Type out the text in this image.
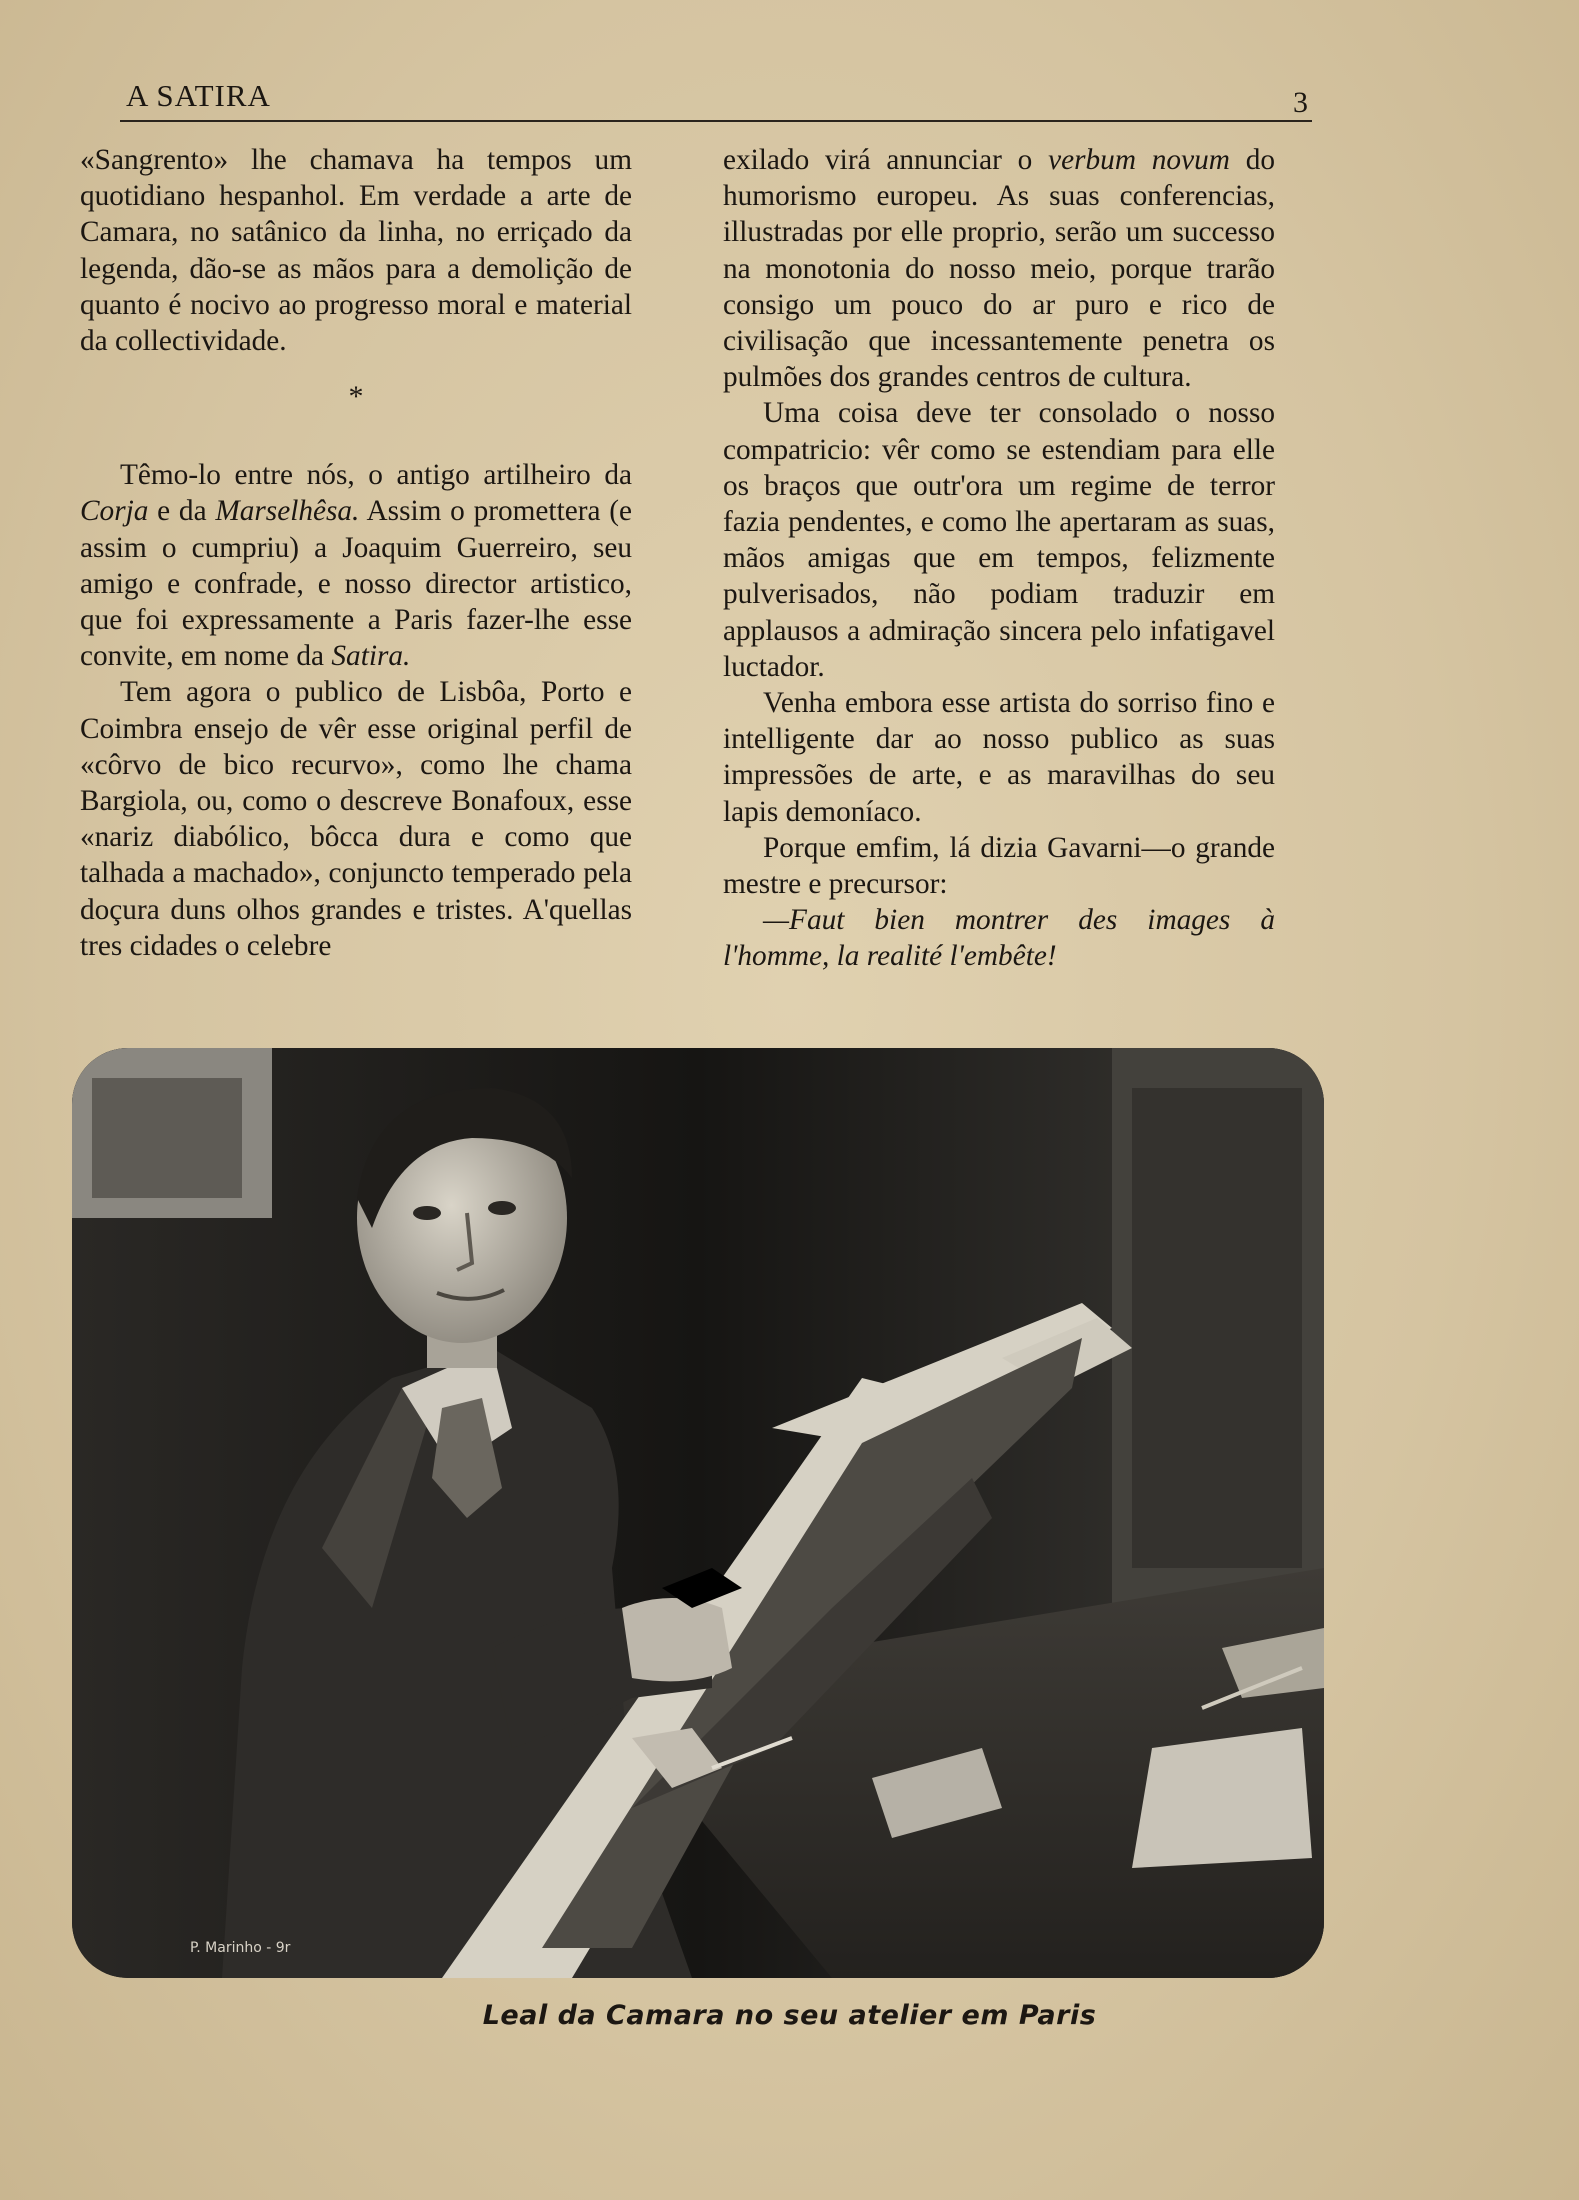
A SATIRA	3

«Sangrento» lhe chamava ha tempos um quotidiano hespanhol. Em verdade a arte de Camara, no satânico da linha, no erriçado da legenda, dão-se as mãos para a demolição de quanto é nocivo ao progresso moral e material da collectividade.

*

Têmo-lo entre nós, o antigo artilheiro da Corja e da Marselhêsa. Assim o promettera (e assim o cumpriu) a Joaquim Guerreiro, seu amigo e confrade, e nosso director artistico, que foi expressamente a Paris fazer-lhe esse convite, em nome da Satira.

Tem agora o publico de Lisbôa, Porto e Coimbra ensejo de vêr esse original perfil de «côrvo de bico recurvo», como lhe chama Bargiola, ou, como o descreve Bonafoux, esse «nariz diabólico, bôcca dura e como que talhada a machado», conjuncto temperado pela doçura duns olhos grandes e tristes. A'quellas tres cidades o celebre

exilado virá annunciar o verbum novum do humorismo europeu. As suas conferencias, illustradas por elle proprio, serão um successo na monotonia do nosso meio, porque trarão consigo um pouco do ar puro e rico de civilisação que incessantemente penetra os pulmões dos grandes centros de cultura.

Uma coisa deve ter consolado o nosso compatricio: vêr como se estendiam para elle os braços que outr'ora um regime de terror fazia pendentes, e como lhe apertaram as suas, mãos amigas que em tempos, felizmente pulverisados, não podiam traduzir em applausos a admiração sincera pelo infatigavel luctador.

Venha embora esse artista do sorriso fino e intelligente dar ao nosso publico as suas impressões de arte, e as maravilhas do seu lapis demoníaco.

Porque emfim, lá dizia Gavarni—o grande mestre e precursor:

—Faut bien montrer des images à l'homme, la realité l'embête!

P. Marinho - 9r
Leal da Camara no seu atelier em Paris
